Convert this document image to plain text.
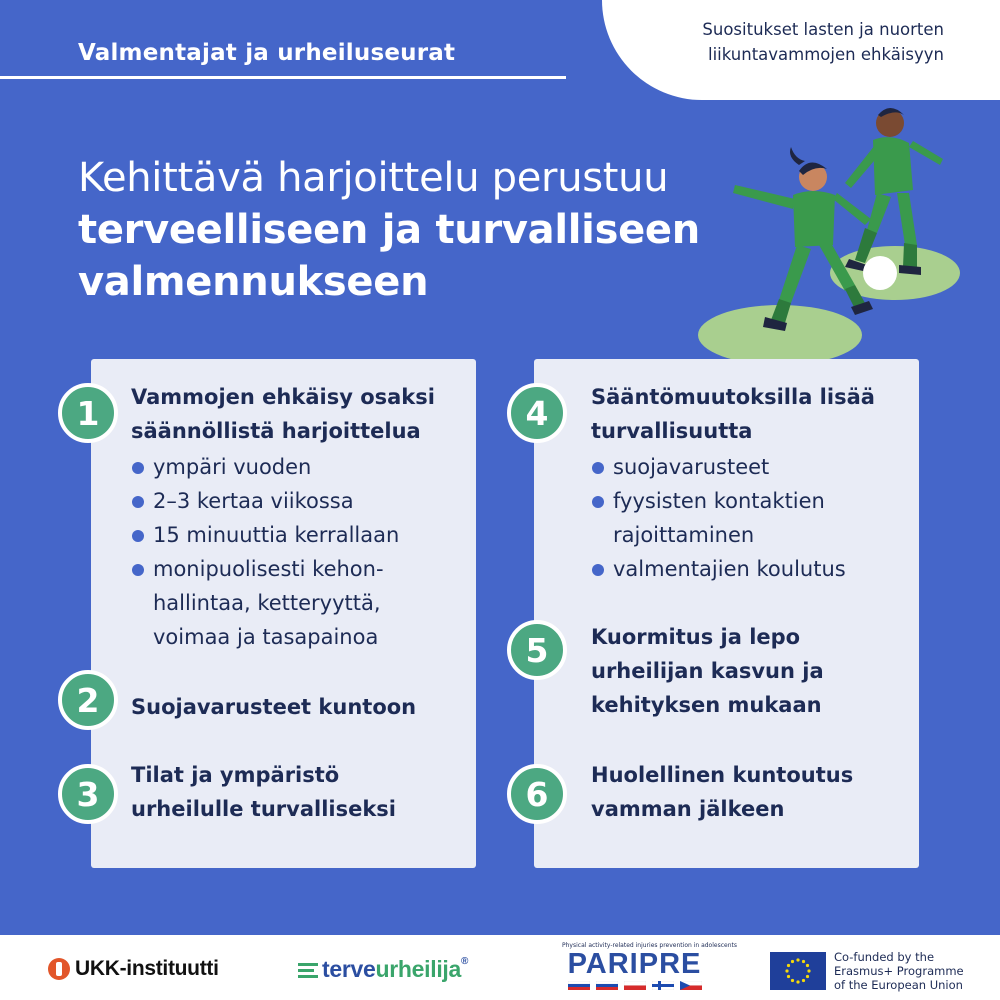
Suositukset lasten ja nuorten
liikuntavammojen ehkäisyyn
Valmentajat ja urheiluseurat
Kehittävä harjoittelu perustuu
terveelliseen ja turvalliseen
valmennukseen
1	Vammojen ehkäisy osaksi
säännöllistä harjoittelua
ympäri vuoden
2–3 kertaa viikossa
15 minuuttia kerrallaan
monipuolisesti kehon-
hallintaa, ketteryyttä,
voimaa ja tasapainoa
2	Suojavarusteet kuntoon
3	Tilat ja ympäristö
urheilulle turvalliseksi
4	Sääntömuutoksilla lisää
turvallisuutta
suojavarusteet
fyysisten kontaktien
rajoittaminen
valmentajien koulutus
5	Kuormitus ja lepo
urheilijan kasvun ja
kehityksen mukaan
6	Huolellinen kuntoutus
vamman jälkeen
UKK-instituutti	terveurheilija®
Physical activity-related injuries prevention in adolescents
PARIPRE	Co-funded by the
Erasmus+ Programme
of the European Union
